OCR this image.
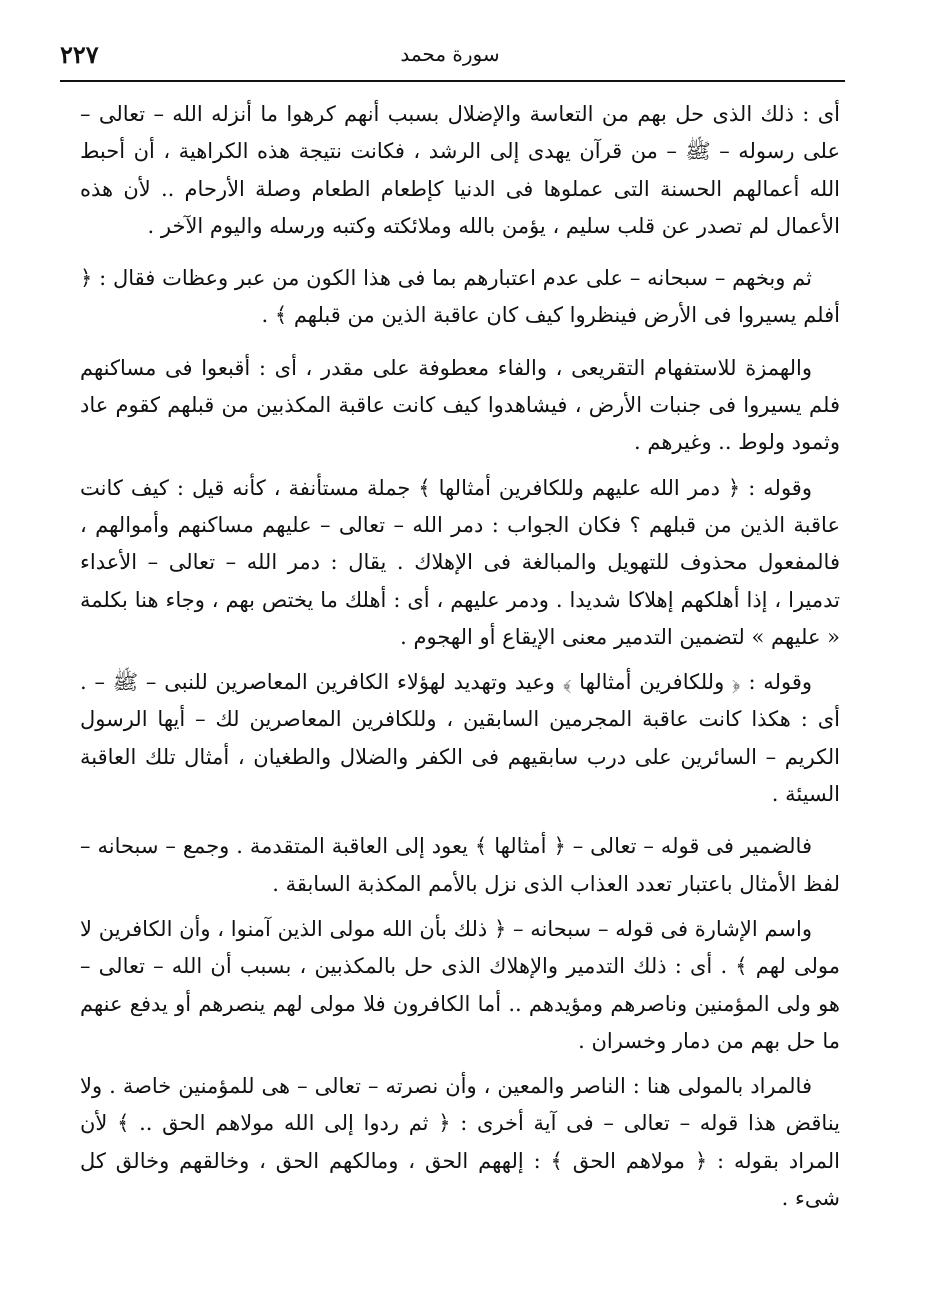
٢٢٧	سورة محمد

أى : ذلك الذى حل بهم من التعاسة والإضلال بسبب أنهم كرهوا ما أنزله الله – تعالى – على رسوله – ﷺ – من قرآن يهدى إلى الرشد ، فكانت نتيجة هذه الكراهية ، أن أحبط الله أعمالهم الحسنة التى عملوها فى الدنيا كإطعام الطعام وصلة الأرحام .. لأن هذه الأعمال لم تصدر عن قلب سليم ، يؤمن بالله وملائكته وكتبه ورسله واليوم الآخر .

ثم وبخهم – سبحانه – على عدم اعتبارهم بما فى هذا الكون من عبر وعظات فقال : ﴿ أفلم يسيروا فى الأرض فينظروا كيف كان عاقبة الذين من قبلهم ﴾ .

والهمزة للاستفهام التقريعى ، والفاء معطوفة على مقدر ، أى : أقبعوا فى مساكنهم فلم يسيروا فى جنبات الأرض ، فيشاهدوا كيف كانت عاقبة المكذبين من قبلهم كقوم عاد وثمود ولوط .. وغيرهم .

وقوله : ﴿ دمر الله عليهم وللكافرين أمثالها ﴾ جملة مستأنفة ، كأنه قيل : كيف كانت عاقبة الذين من قبلهم ؟ فكان الجواب : دمر الله – تعالى – عليهم مساكنهم وأموالهم ، فالمفعول محذوف للتهويل والمبالغة فى الإهلاك . يقال : دمر الله – تعالى – الأعداء تدميرا ، إذا أهلكهم إهلاكا شديدا . ودمر عليهم ، أى : أهلك ما يختص بهم ، وجاء هنا بكلمة « عليهم » لتضمين التدمير معنى الإيقاع أو الهجوم .

وقوله : ﴿ وللكافرين أمثالها ﴾ وعيد وتهديد لهؤلاء الكافرين المعاصرين للنبى – ﷺ – . أى : هكذا كانت عاقبة المجرمين السابقين ، وللكافرين المعاصرين لك – أيها الرسول الكريم – السائرين على درب سابقيهم فى الكفر والضلال والطغيان ، أمثال تلك العاقبة السيئة .

فالضمير فى قوله – تعالى – ﴿ أمثالها ﴾ يعود إلى العاقبة المتقدمة . وجمع – سبحانه – لفظ الأمثال باعتبار تعدد العذاب الذى نزل بالأمم المكذبة السابقة .

واسم الإشارة فى قوله – سبحانه – ﴿ ذلك بأن الله مولى الذين آمنوا ، وأن الكافرين لا مولى لهم ﴾ . أى : ذلك التدمير والإهلاك الذى حل بالمكذبين ، بسبب أن الله – تعالى – هو ولى المؤمنين وناصرهم ومؤيدهم .. أما الكافرون فلا مولى لهم ينصرهم أو يدفع عنهم ما حل بهم من دمار وخسران .

فالمراد بالمولى هنا : الناصر والمعين ، وأن نصرته – تعالى – هى للمؤمنين خاصة . ولا يناقض هذا قوله – تعالى – فى آية أخرى : ﴿ ثم ردوا إلى الله مولاهم الحق .. ﴾ لأن المراد بقوله : ﴿ مولاهم الحق ﴾ : إلههم الحق ، ومالكهم الحق ، وخالقهم وخالق كل شىء .
